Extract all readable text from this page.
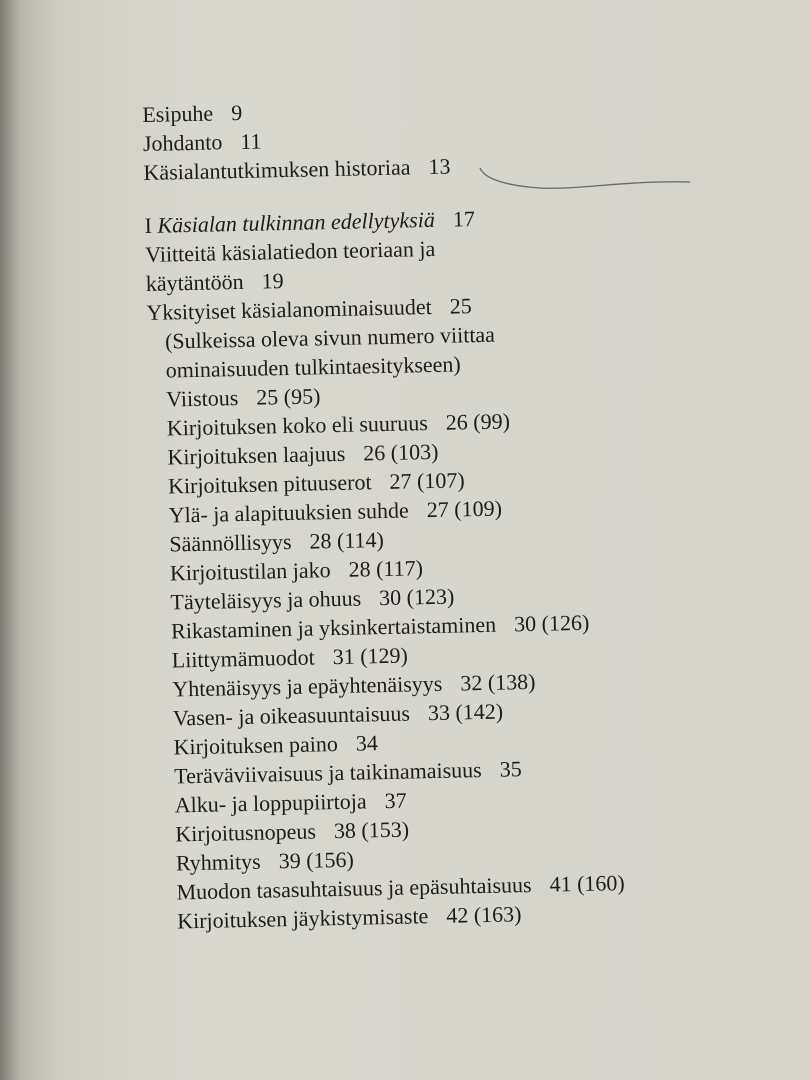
Esipuhe 9
Johdanto 11
Käsialantutkimuksen historiaa 13
I Käsialan tulkinnan edellytyksiä 17
Viitteitä käsialatiedon teoriaan ja
käytäntöön 19
Yksityiset käsialanominaisuudet 25
(Sulkeissa oleva sivun numero viittaa
ominaisuuden tulkintaesitykseen)
Viistous 25 (95)
Kirjoituksen koko eli suuruus 26 (99)
Kirjoituksen laajuus 26 (103)
Kirjoituksen pituuserot 27 (107)
Ylä- ja alapituuksien suhde 27 (109)
Säännöllisyys 28 (114)
Kirjoitustilan jako 28 (117)
Täyteläisyys ja ohuus 30 (123)
Rikastaminen ja yksinkertaistaminen 30 (126)
Liittymämuodot 31 (129)
Yhtenäisyys ja epäyhtenäisyys 32 (138)
Vasen- ja oikeasuuntaisuus 33 (142)
Kirjoituksen paino 34
Teräväviivaisuus ja taikinamaisuus 35
Alku- ja loppupiirtoja 37
Kirjoitusnopeus 38 (153)
Ryhmitys 39 (156)
Muodon tasasuhtaisuus ja epäsuhtaisuus 41 (160)
Kirjoituksen jäykistymisaste 42 (163)
